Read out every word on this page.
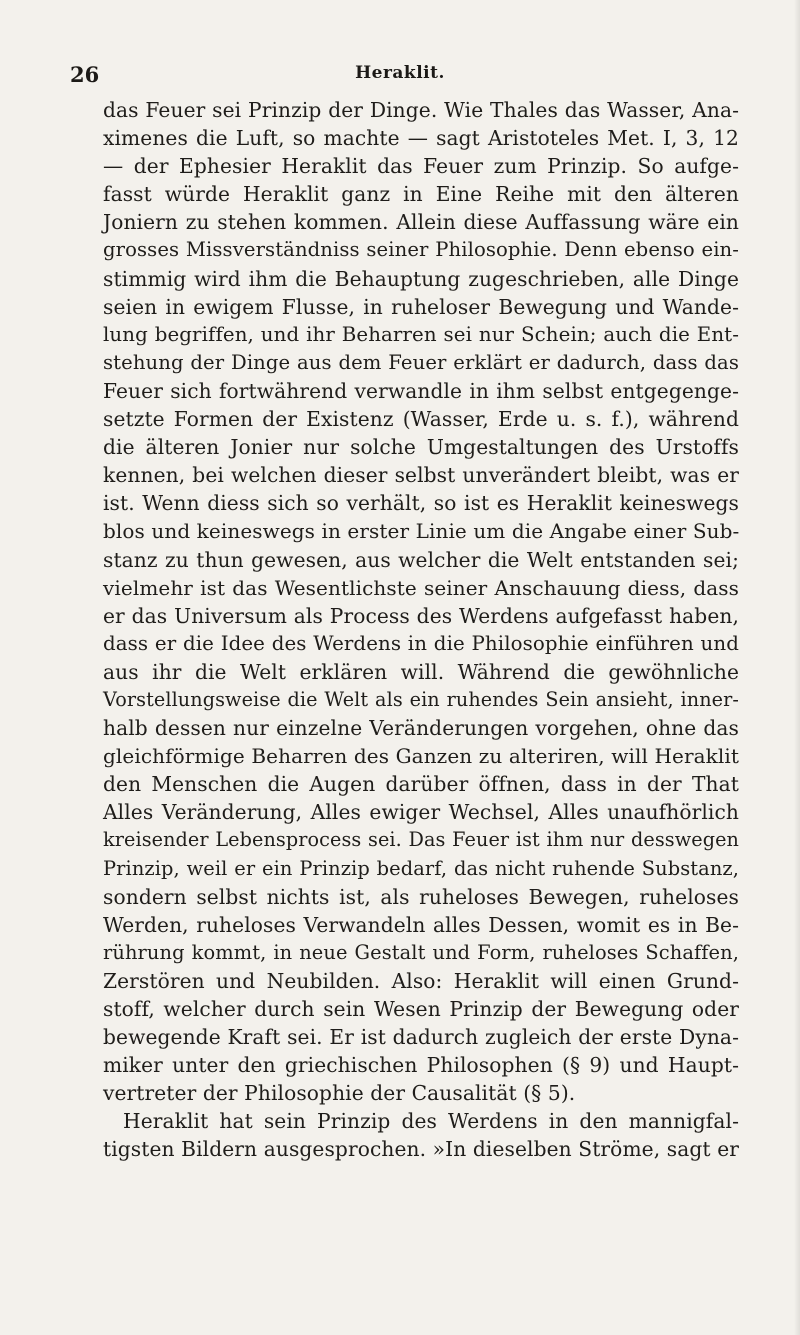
26	Heraklit.
das Feuer sei Prinzip der Dinge. Wie Thales das Wasser, Ana-
ximenes die Luft, so machte — sagt Aristoteles Met. I, 3, 12
— der Ephesier Heraklit das Feuer zum Prinzip. So aufge-
fasst würde Heraklit ganz in Eine Reihe mit den älteren
Joniern zu stehen kommen. Allein diese Auffassung wäre ein
grosses Missverständniss seiner Philosophie. Denn ebenso ein-
stimmig wird ihm die Behauptung zugeschrieben, alle Dinge
seien in ewigem Flusse, in ruheloser Bewegung und Wande-
lung begriffen, und ihr Beharren sei nur Schein; auch die Ent-
stehung der Dinge aus dem Feuer erklärt er dadurch, dass das
Feuer sich fortwährend verwandle in ihm selbst entgegenge-
setzte Formen der Existenz (Wasser, Erde u. s. f.), während
die älteren Jonier nur solche Umgestaltungen des Urstoffs
kennen, bei welchen dieser selbst unverändert bleibt, was er
ist. Wenn diess sich so verhält, so ist es Heraklit keineswegs
blos und keineswegs in erster Linie um die Angabe einer Sub-
stanz zu thun gewesen, aus welcher die Welt entstanden sei;
vielmehr ist das Wesentlichste seiner Anschauung diess, dass
er das Universum als Process des Werdens aufgefasst haben,
dass er die Idee des Werdens in die Philosophie einführen und
aus ihr die Welt erklären will. Während die gewöhnliche
Vorstellungsweise die Welt als ein ruhendes Sein ansieht, inner-
halb dessen nur einzelne Veränderungen vorgehen, ohne das
gleichförmige Beharren des Ganzen zu alteriren, will Heraklit
den Menschen die Augen darüber öffnen, dass in der That
Alles Veränderung, Alles ewiger Wechsel, Alles unaufhörlich
kreisender Lebensprocess sei. Das Feuer ist ihm nur desswegen
Prinzip, weil er ein Prinzip bedarf, das nicht ruhende Substanz,
sondern selbst nichts ist, als ruheloses Bewegen, ruheloses
Werden, ruheloses Verwandeln alles Dessen, womit es in Be-
rührung kommt, in neue Gestalt und Form, ruheloses Schaffen,
Zerstören und Neubilden. Also: Heraklit will einen Grund-
stoff, welcher durch sein Wesen Prinzip der Bewegung oder
bewegende Kraft sei. Er ist dadurch zugleich der erste Dyna-
miker unter den griechischen Philosophen (§ 9) und Haupt-
vertreter der Philosophie der Causalität (§ 5).
Heraklit hat sein Prinzip des Werdens in den mannigfal-
tigsten Bildern ausgesprochen. »In dieselben Ströme, sagt er
